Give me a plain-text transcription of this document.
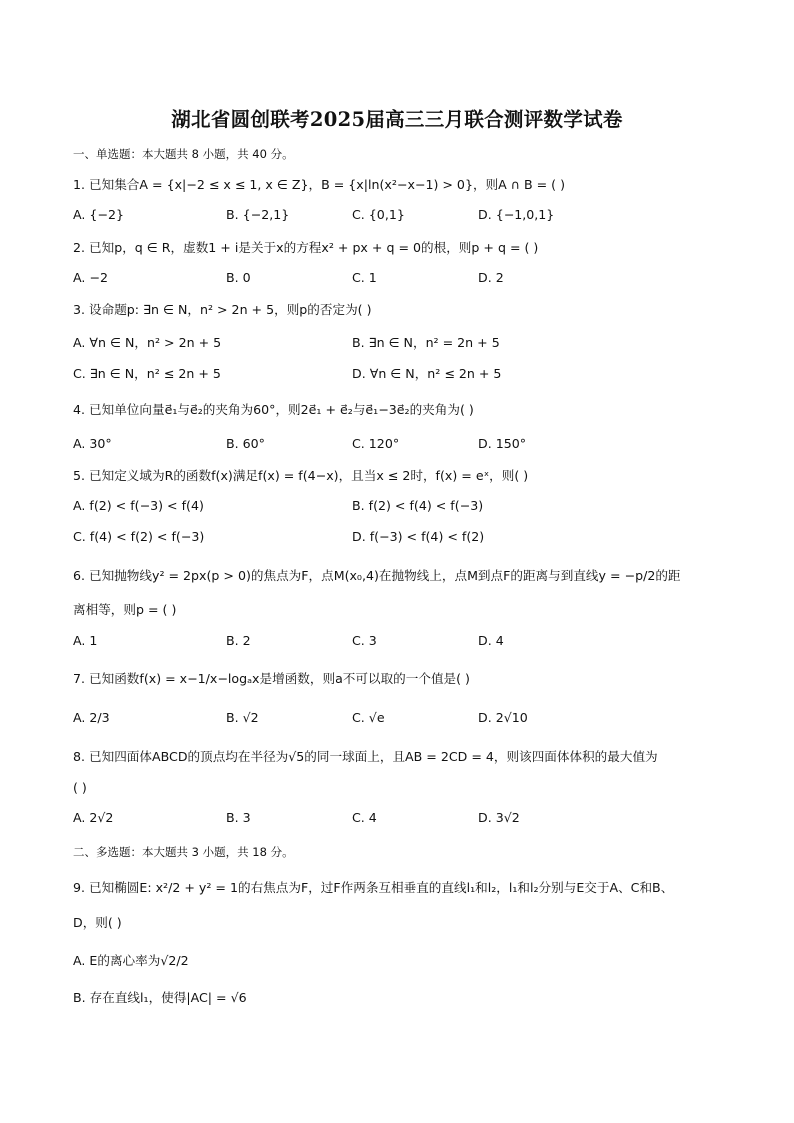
湖北省圆创联考2025届高三三月联合测评数学试卷
一、单选题：本大题共 8 小题，共 40 分。
1. 已知集合A = {x|−2 ≤ x ≤ 1, x ∈ Z}，B = {x|ln(x²−x−1) > 0}，则A ∩ B = ( )
A. {−2}	B. {−2,1}	C. {0,1}	D. {−1,0,1}
2. 已知p，q ∈ R，虚数1 + i是关于x的方程x² + px + q = 0的根，则p + q = ( )
A. −2	B. 0	C. 1	D. 2
3. 设命题p: ∃n ∈ N，n² > 2n + 5，则p的否定为( )
A. ∀n ∈ N，n² > 2n + 5	B. ∃n ∈ N，n² = 2n + 5
C. ∃n ∈ N，n² ≤ 2n + 5	D. ∀n ∈ N，n² ≤ 2n + 5
4. 已知单位向量e⃗₁与e⃗₂的夹角为60°，则2e⃗₁ + e⃗₂与e⃗₁−3e⃗₂的夹角为( )
A. 30°	B. 60°	C. 120°	D. 150°
5. 已知定义域为R的函数f(x)满足f(x) = f(4−x)，且当x ≤ 2时，f(x) = eˣ，则( )
A. f(2) < f(−3) < f(4)	B. f(2) < f(4) < f(−3)
C. f(4) < f(2) < f(−3)	D. f(−3) < f(4) < f(2)
6. 已知抛物线y² = 2px(p > 0)的焦点为F，点M(x₀,4)在抛物线上，点M到点F的距离与到直线y = −p/2的距
离相等，则p = ( )
A. 1	B. 2	C. 3	D. 4
7. 已知函数f(x) = x−1/x−logₐx是增函数，则a不可以取的一个值是( )
A. 2/3	B. √2	C. √e	D. 2√10
8. 已知四面体ABCD的顶点均在半径为√5的同一球面上，且AB = 2CD = 4，则该四面体体积的最大值为
( )
A. 2√2	B. 3	C. 4	D. 3√2
二、多选题：本大题共 3 小题，共 18 分。
9. 已知椭圆E: x²/2 + y² = 1的右焦点为F，过F作两条互相垂直的直线l₁和l₂，l₁和l₂分别与E交于A、C和B、
D，则( )
A. E的离心率为√2/2
B. 存在直线l₁，使得|AC| = √6
